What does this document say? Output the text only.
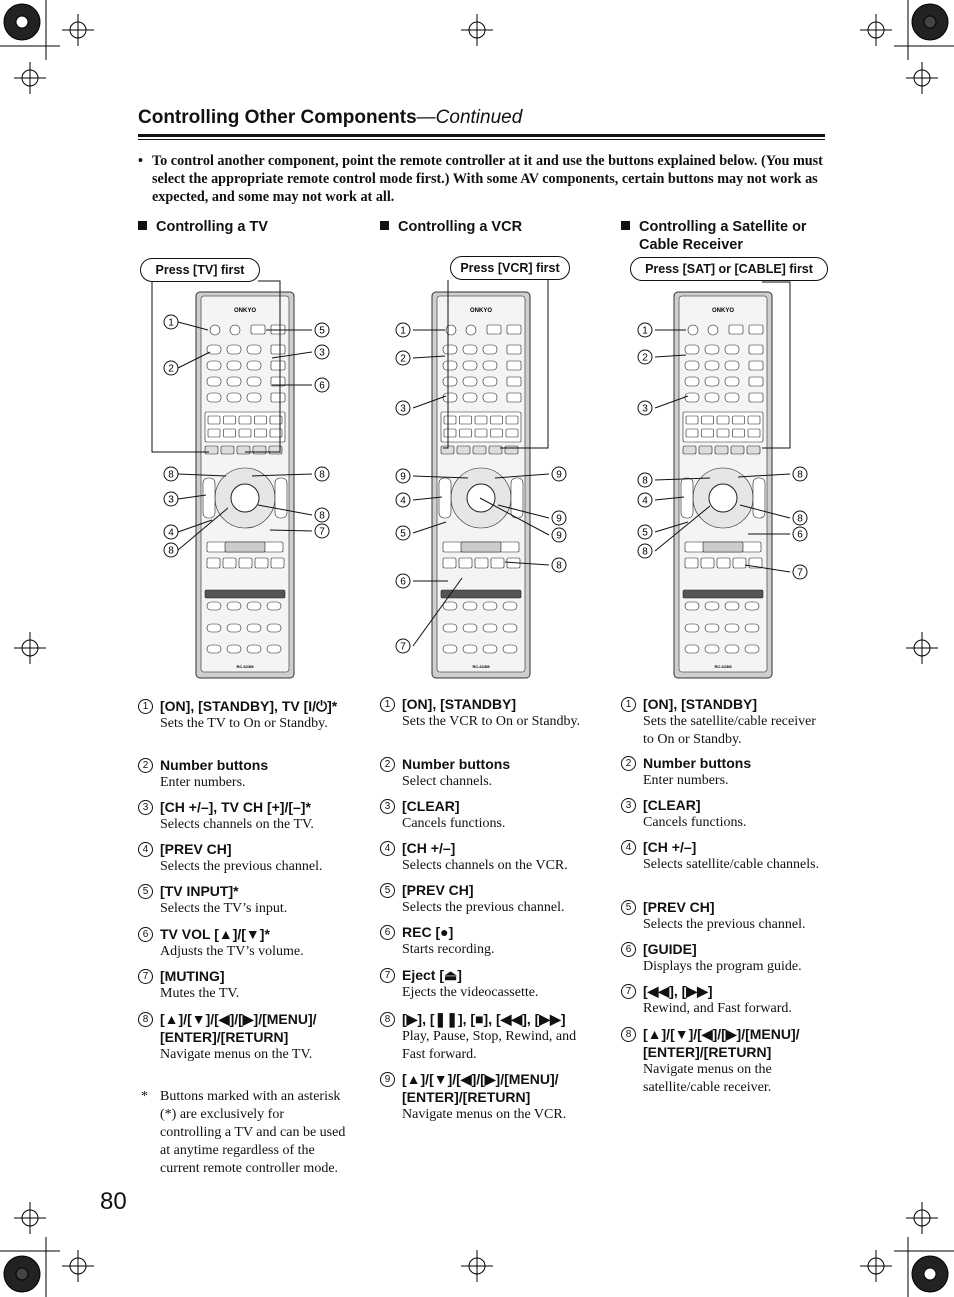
Controlling Other Components—Continued
• To control another component, point the remote controller at it and use the buttons explained below. (You must select the appropriate remote control mode first.) With some AV components, certain buttons may not work as expected, and some may not work at all.
Controlling a TV	Controlling a VCR	Controlling a Satellite or
Cable Receiver
Press [TV] first	Press [VCR] first	Press [SAT] or [CABLE] first
ONKYO
RC-623M
ONKYO
RC-623M
ONKYO
RC-623M
1
2
8
3
4
8
5
3
6
8
8
7
1
2
3
9
4
5
6
7
9
9
9
8
1
2
3
8
4
5
8
8
8
6
7
1 [ON], [STANDBY], TV [I/⏻]*
Sets the TV to On or Standby.
2 Number buttons
Enter numbers.
3 [CH +/–], TV CH [+]/[–]*
Selects channels on the TV.
4 [PREV CH]
Selects the previous channel.
5 [TV INPUT]*
Selects the TV’s input.
6 TV VOL [▲]/[▼]*
Adjusts the TV’s volume.
7 [MUTING]
Mutes the TV.
8 [▲]/[▼]/[◀]/[▶]/[MENU]/ [ENTER]/[RETURN]
Navigate menus on the TV.
1 [ON], [STANDBY]
Sets the VCR to On or Standby.
2 Number buttons
Select channels.
3 [CLEAR]
Cancels functions.
4 [CH +/–]
Selects channels on the VCR.
5 [PREV CH]
Selects the previous channel.
6 REC [●]
Starts recording.
7 Eject [⏏]
Ejects the videocassette.
8 [▶], [❚❚], [■], [◀◀], [▶▶]
Play, Pause, Stop, Rewind, and Fast forward.
9 [▲]/[▼]/[◀]/[▶]/[MENU]/ [ENTER]/[RETURN]
Navigate menus on the VCR.
1 [ON], [STANDBY]
Sets the satellite/cable receiver to On or Standby.
2 Number buttons
Enter numbers.
3 [CLEAR]
Cancels functions.
4 [CH +/–]
Selects satellite/cable channels.
5 [PREV CH]
Selects the previous channel.
6 [GUIDE]
Displays the program guide.
7 [◀◀], [▶▶]
Rewind, and Fast forward.
8 [▲]/[▼]/[◀]/[▶]/[MENU]/ [ENTER]/[RETURN]
Navigate menus on the satellite/cable receiver.
* Buttons marked with an asterisk (*) are exclusively for controlling a TV and can be used at anytime regardless of the current remote controller mode.
80
